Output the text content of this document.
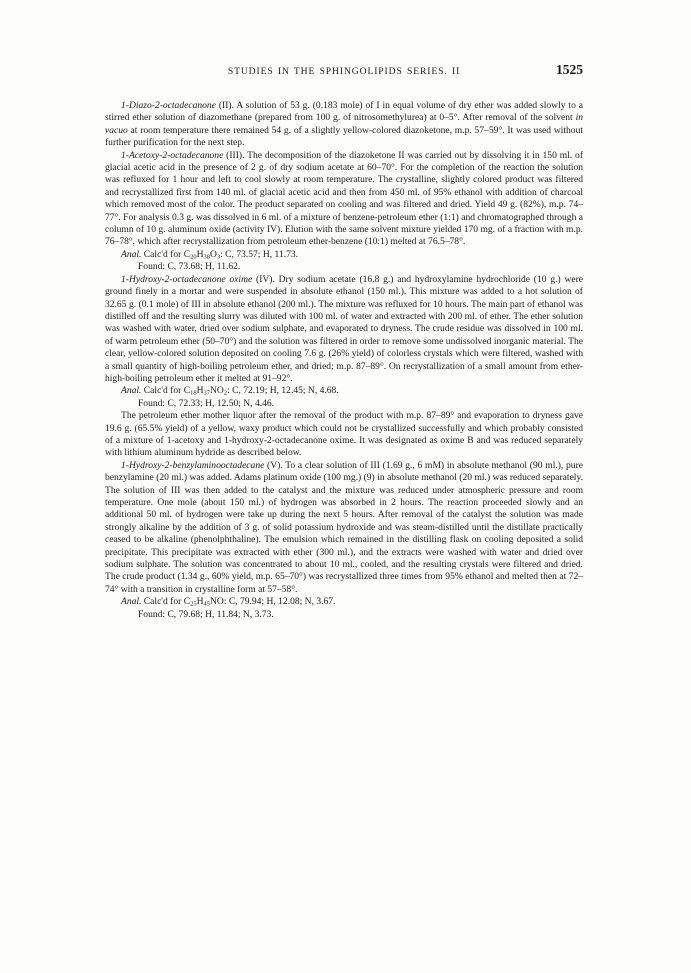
STUDIES IN THE SPHINGOLIPIDS SERIES. II	1525

1-Diazo-2-octadecanone (II). A solution of 53 g. (0.183 mole) of I in equal volume of dry ether was added slowly to a stirred ether solution of diazomethane (prepared from 100 g. of nitrosomethylurea) at 0–5°. After removal of the solvent in vacuo at room temperature there remained 54 g. of a slightly yellow-colored diazoketone, m.p. 57–59°. It was used without further purification for the next step.

1-Acetoxy-2-octadecanone (III). The decomposition of the diazoketone II was carried out by dissolving it in 150 ml. of glacial acetic acid in the presence of 2 g. of dry sodium acetate at 60–70°. For the completion of the reaction the solution was refluxed for 1 hour and left to cool slowly at room temperature. The crystalline, slightly colored product was filtered and recrystallized first from 140 ml. of glacial acetic acid and then from 450 ml. of 95% ethanol with addition of charcoal which removed most of the color. The product separated on cooling and was filtered and dried. Yield 49 g. (82%), m.p. 74–77°. For analysis 0.3 g. was dissolved in 6 ml. of a mixture of benzene-petroleum ether (1:1) and chromatographed through a column of 10 g. aluminum oxide (activity IV). Elution with the same solvent mixture yielded 170 mg. of a fraction with m.p. 76–78°, which after recrystallization from petroleum ether-benzene (10:1) melted at 76.5–78°.

Anal. Calc'd for $C_{20}H_{38}O_3$: C, 73.57; H, 11.73.

Found: C, 73.68; H, 11.62.

1-Hydroxy-2-octadecanone oxime (IV). Dry sodium acetate (16.8 g.) and hydroxylamine hydrochloride (10 g.) were ground finely in a mortar and were suspended in absolute ethanol (150 ml.). This mixture was added to a hot solution of 32.65 g. (0.1 mole) of III in absolute ethanol (200 ml.). The mixture was refluxed for 10 hours. The main part of ethanol was distilled off and the resulting slurry was diluted with 100 ml. of water and extracted with 200 ml. of ether. The ether solution was washed with water, dried over sodium sulphate, and evaporated to dryness. The crude residue was dissolved in 100 ml. of warm petroleum ether (50–70°) and the solution was filtered in order to remove some undissolved inorganic material. The clear, yellow-colored solution deposited on cooling 7.6 g. (26% yield) of colorless crystals which were filtered, washed with a small quantity of high-boiling petroleum ether, and dried; m.p. 87–89°. On recrystallization of a small amount from ether-high-boiling petroleum ether it melted at 91–92°.

Anal. Calc'd for $C_{18}H_{37}NO_2$: C, 72.19; H, 12.45; N, 4.68.

Found: C, 72.33; H, 12.50; N, 4.46.

The petroleum ether mother liquor after the removal of the product with m.p. 87–89° and evaporation to dryness gave 19.6 g. (65.5% yield) of a yellow, waxy product which could not be crystallized successfully and which probably consisted of a mixture of 1-acetoxy and 1-hydroxy-2-octadecanone oxime. It was designated as oxime B and was reduced separately with lithium aluminum hydride as described below.

1-Hydroxy-2-benzylaminooctadecane (V). To a clear solution of III (1.69 g., 6 mM) in absolute methanol (90 ml.), pure benzylamine (20 ml.) was added. Adams platinum oxide (100 mg.) (9) in absolute methanol (20 ml.) was reduced separately. The solution of III was then added to the catalyst and the mixture was reduced under atmospheric pressure and room temperature. One mole (about 150 ml.) of hydrogen was absorbed in 2 hours. The reaction proceeded slowly and an additional 50 ml. of hydrogen were take up during the next 5 hours. After removal of the catalyst the solution was made strongly alkaline by the addition of 3 g. of solid potassium hydroxide and was steam-distilled until the distillate practically ceased to be alkaline (phenolphthaline). The emulsion which remained in the distilling flask on cooling deposited a solid precipitate. This precipitate was extracted with ether (300 ml.), and the extracts were washed with water and dried over sodium sulphate. The solution was concentrated to about 10 ml., cooled, and the resulting crystals were filtered and dried. The crude product (1.34 g., 60% yield, m.p. 65–70°) was recrystallized three times from 95% ethanol and melted then at 72–74° with a transition in crystalline form at 57–58°.

Anal. Calc'd for $C_{25}H_{45}NO$: C, 79.94; H, 12.08; N, 3.67.

Found: C, 79.68; H, 11.84; N, 3.73.
